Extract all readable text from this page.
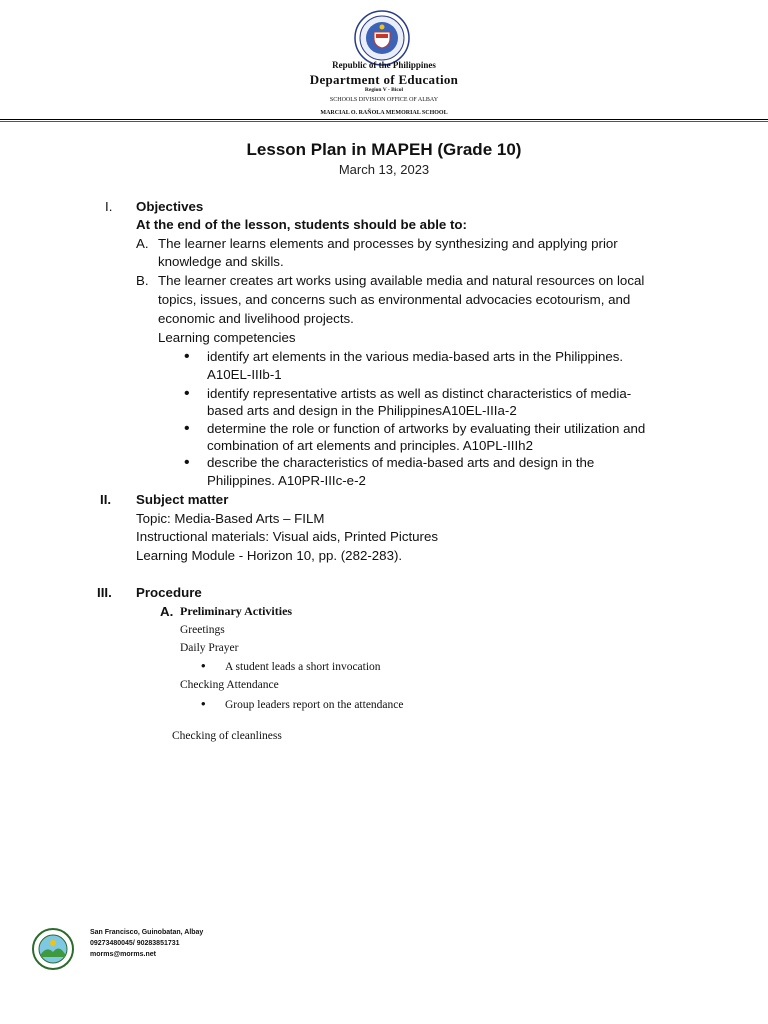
Republic of the Philippines
Department of Education
Region V - Bicol
SCHOOLS DIVISION OFFICE OF ALBAY
MARCIAL O. RAÑOLA MEMORIAL SCHOOL
Lesson Plan in MAPEH (Grade 10)
March 13, 2023
I. Objectives
At the end of the lesson, students should be able to:
A. The learner learns elements and processes by synthesizing and applying prior
knowledge and skills.
B. The learner creates art works using available media and natural resources on local
topics, issues, and concerns such as environmental advocacies ecotourism, and
economic and livelihood projects.
Learning competencies
• identify art elements in the various media-based arts in the Philippines.
A10EL-IIIb-1
• identify representative artists as well as distinct characteristics of media-
based arts and design in the PhilippinesA10EL-IIIa-2
• determine the role or function of artworks by evaluating their utilization and
combination of art elements and principles. A10PL-IIIh2
• describe the characteristics of media-based arts and design in the
Philippines. A10PR-IIIc-e-2
II. Subject matter
Topic: Media-Based Arts – FILM
Instructional materials: Visual aids, Printed Pictures
Learning Module - Horizon 10, pp. (282-283).
III. Procedure
A. Preliminary Activities
Greetings
Daily Prayer
• A student leads a short invocation
Checking Attendance
• Group leaders report on the attendance
Checking of cleanliness
San Francisco, Guinobatan, Albay
09273480045/ 90283851731
morms@morms.net
